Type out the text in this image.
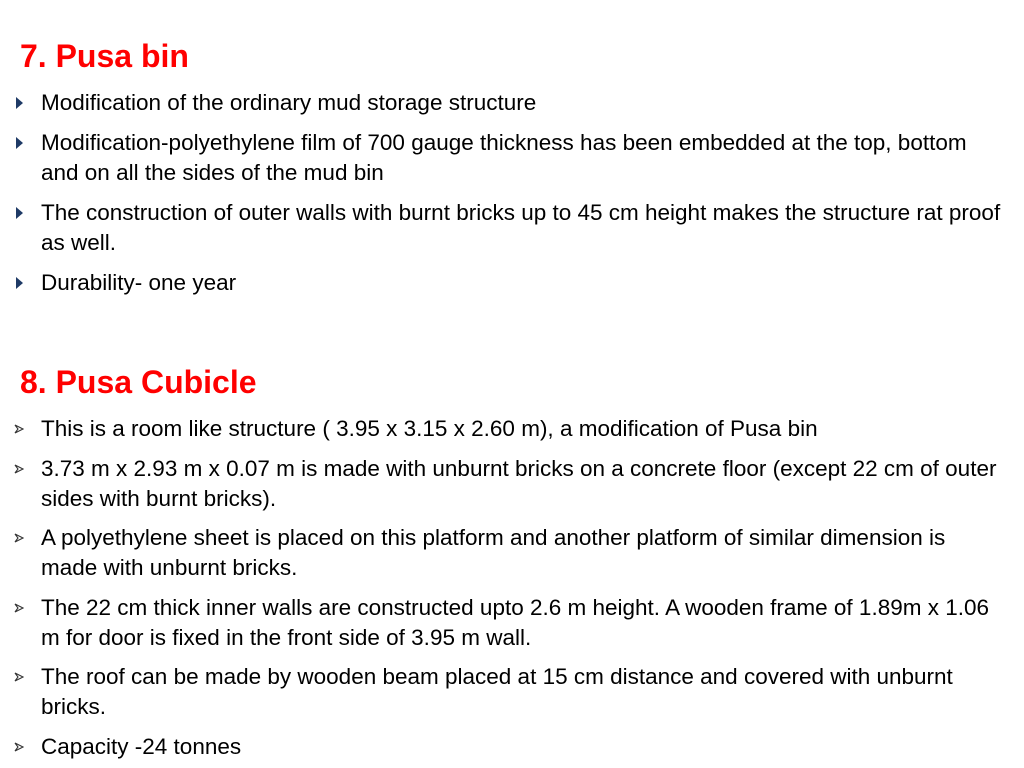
7. Pusa bin
Modification of the ordinary mud storage structure
Modification-polyethylene film of 700 gauge thickness has been embedded at the top, bottom and on all the sides of the mud bin
The construction of outer walls with burnt bricks up to 45 cm height makes the structure rat proof as well.
Durability- one year
8. Pusa Cubicle
This is a room like structure ( 3.95 x 3.15 x 2.60 m), a modification of Pusa bin
3.73 m x 2.93 m x 0.07 m is made with unburnt bricks on a concrete floor (except 22 cm of outer sides with burnt bricks).
A polyethylene sheet is placed on this platform and another platform of similar dimension is made with unburnt bricks.
The 22 cm thick inner walls are constructed upto 2.6 m height. A wooden frame of 1.89m x 1.06 m for door is fixed in the front side of 3.95 m wall.
The roof can be made by wooden beam placed at 15 cm distance and covered with unburnt bricks.
Capacity -24 tonnes
